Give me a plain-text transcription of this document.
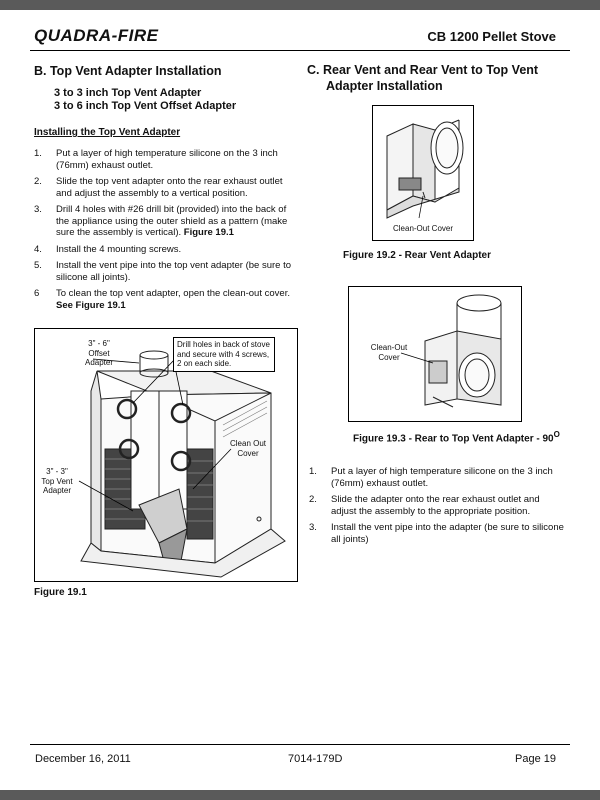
QUADRA-FIRE	CB 1200 Pellet Stove
B. Top Vent Adapter Installation
3 to 3 inch Top Vent Adapter
3 to 6 inch Top Vent Offset Adapter
Installing the Top Vent Adapter
1. Put a layer of high temperature silicone on the 3 inch (76mm) exhaust outlet.
2. Slide the top vent adapter onto the rear exhaust outlet and adjust the assembly to a vertical position.
3. Drill 4 holes with #26 drill bit (provided) into the back of the appliance using the outer shield as a pattern (make sure the assembly is vertical). Figure 19.1
4. Install the 4 mounting screws.
5. Install the vent pipe into the top vent adapter (be sure to silicone all joints).
6 To clean the top vent adapter, open the clean-out cover. See Figure 19.1
3" - 6"
Offset
Adapter
Drill holes in back of stove and secure with 4 screws, 2 on each side.
Clean Out
Cover
3" - 3"
Top Vent
Adapter
Figure 19.1
C. Rear Vent and Rear Vent to Top Vent
Adapter Installation
Clean-Out Cover
Figure 19.2 - Rear Vent Adapter
Clean-Out Cover
Figure 19.3 - Rear to Top Vent Adapter - $90^O$
1. Put a layer of high temperature silicone on the 3 inch (76mm) exhaust outlet.
2. Slide the adapter onto the rear exhaust outlet and adjust the assembly to the appropriate position.
3. Install the vent pipe into the adapter (be sure to silicone all joints)
December 16, 2011	7014-179D	Page 19
